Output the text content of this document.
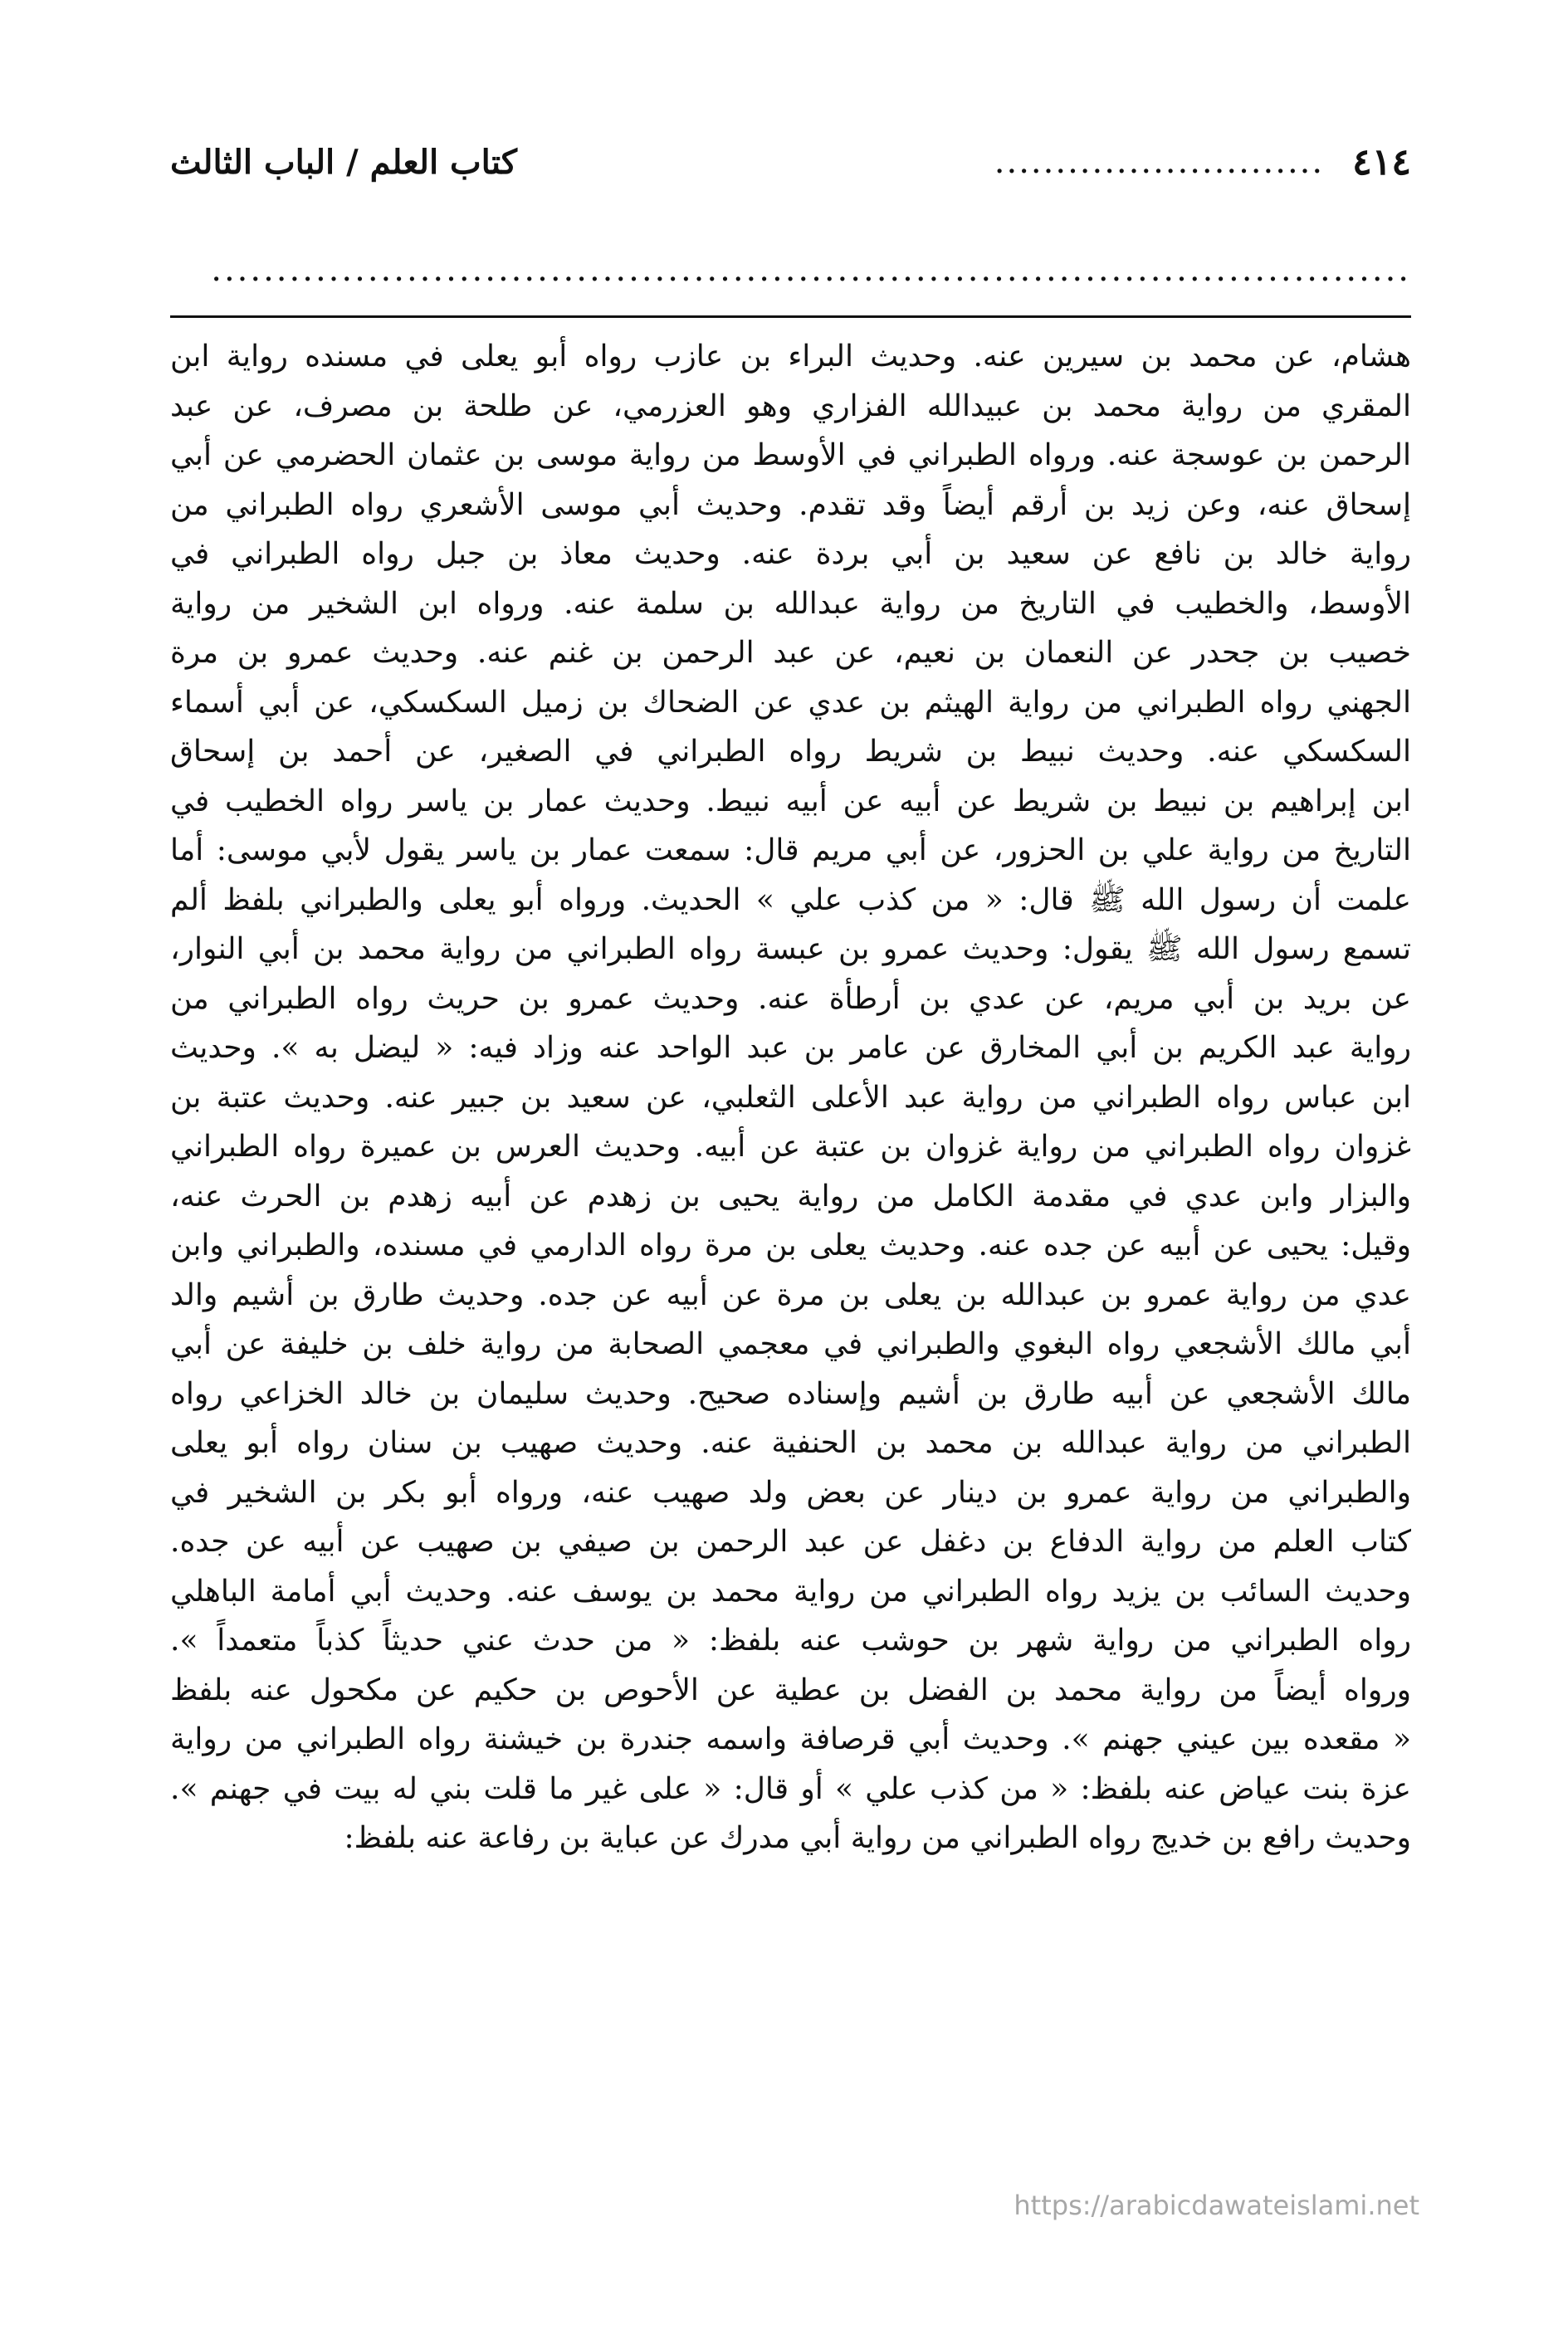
٤١٤
...........................
كتاب العلم / الباب الثالث
............................................................................................
هشام، عن محمد بن سيرين عنه. وحديث البراء بن عازب رواه أبو يعلى في مسنده رواية ابن
المقري من رواية محمد بن عبيدالله الفزاري وهو العزرمي، عن طلحة بن مصرف، عن عبد
الرحمن بن عوسجة عنه. ورواه الطبراني في الأوسط من رواية موسى بن عثمان الحضرمي عن أبي
إسحاق عنه، وعن زيد بن أرقم أيضاً وقد تقدم. وحديث أبي موسى الأشعري رواه الطبراني من
رواية خالد بن نافع عن سعيد بن أبي بردة عنه. وحديث معاذ بن جبل رواه الطبراني في
الأوسط، والخطيب في التاريخ من رواية عبدالله بن سلمة عنه. ورواه ابن الشخير من رواية
خصيب بن جحدر عن النعمان بن نعيم، عن عبد الرحمن بن غنم عنه. وحديث عمرو بن مرة
الجهني رواه الطبراني من رواية الهيثم بن عدي عن الضحاك بن زميل السكسكي، عن أبي أسماء
السكسكي عنه. وحديث نبيط بن شريط رواه الطبراني في الصغير، عن أحمد بن إسحاق
ابن إبراهيم بن نبيط بن شريط عن أبيه عن أبيه نبيط. وحديث عمار بن ياسر رواه الخطيب في
التاريخ من رواية علي بن الحزور، عن أبي مريم قال: سمعت عمار بن ياسر يقول لأبي موسى: أما
علمت أن رسول الله ﷺ قال: « من كذب علي » الحديث. ورواه أبو يعلى والطبراني بلفظ ألم
تسمع رسول الله ﷺ يقول: وحديث عمرو بن عبسة رواه الطبراني من رواية محمد بن أبي النوار،
عن بريد بن أبي مريم، عن عدي بن أرطأة عنه. وحديث عمرو بن حريث رواه الطبراني من
رواية عبد الكريم بن أبي المخارق عن عامر بن عبد الواحد عنه وزاد فيه: « ليضل به ». وحديث
ابن عباس رواه الطبراني من رواية عبد الأعلى الثعلبي، عن سعيد بن جبير عنه. وحديث عتبة بن
غزوان رواه الطبراني من رواية غزوان بن عتبة عن أبيه. وحديث العرس بن عميرة رواه الطبراني
والبزار وابن عدي في مقدمة الكامل من رواية يحيى بن زهدم عن أبيه زهدم بن الحرث عنه،
وقيل: يحيى عن أبيه عن جده عنه. وحديث يعلى بن مرة رواه الدارمي في مسنده، والطبراني وابن
عدي من رواية عمرو بن عبدالله بن يعلى بن مرة عن أبيه عن جده. وحديث طارق بن أشيم والد
أبي مالك الأشجعي رواه البغوي والطبراني في معجمي الصحابة من رواية خلف بن خليفة عن أبي
مالك الأشجعي عن أبيه طارق بن أشيم وإسناده صحيح. وحديث سليمان بن خالد الخزاعي رواه
الطبراني من رواية عبدالله بن محمد بن الحنفية عنه. وحديث صهيب بن سنان رواه أبو يعلى
والطبراني من رواية عمرو بن دينار عن بعض ولد صهيب عنه، ورواه أبو بكر بن الشخير في
كتاب العلم من رواية الدفاع بن دغفل عن عبد الرحمن بن صيفي بن صهيب عن أبيه عن جده.
وحديث السائب بن يزيد رواه الطبراني من رواية محمد بن يوسف عنه. وحديث أبي أمامة الباهلي
رواه الطبراني من رواية شهر بن حوشب عنه بلفظ: « من حدث عني حديثاً كذباً متعمداً ».
ورواه أيضاً من رواية محمد بن الفضل بن عطية عن الأحوص بن حكيم عن مكحول عنه بلفظ
« مقعده بين عيني جهنم ». وحديث أبي قرصافة واسمه جندرة بن خيشنة رواه الطبراني من رواية
عزة بنت عياض عنه بلفظ: « من كذب علي » أو قال: « على غير ما قلت بني له بيت في جهنم ».
وحديث رافع بن خديج رواه الطبراني من رواية أبي مدرك عن عباية بن رفاعة عنه بلفظ:
https://arabicdawateislami.net
